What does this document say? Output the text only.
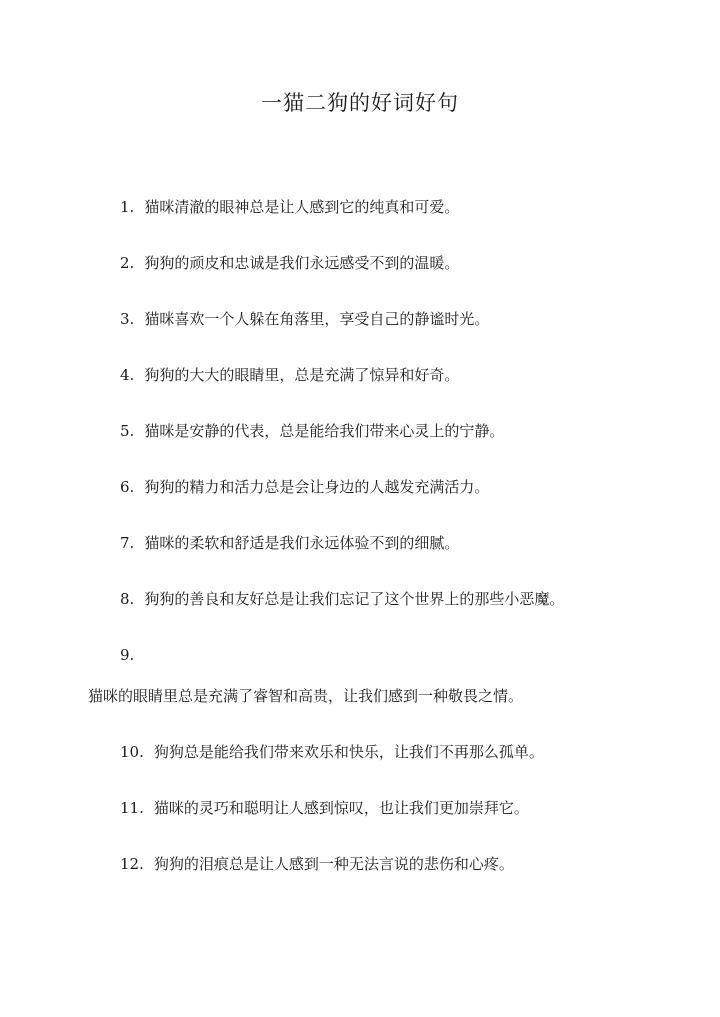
一猫二狗的好词好句
1. 猫咪清澈的眼神总是让人感到它的纯真和可爱。
2. 狗狗的顽皮和忠诚是我们永远感受不到的温暖。
3. 猫咪喜欢一个人躲在角落里，享受自己的静谧时光。
4. 狗狗的大大的眼睛里，总是充满了惊异和好奇。
5. 猫咪是安静的代表，总是能给我们带来心灵上的宁静。
6. 狗狗的精力和活力总是会让身边的人越发充满活力。
7. 猫咪的柔软和舒适是我们永远体验不到的细腻。
8. 狗狗的善良和友好总是让我们忘记了这个世界上的那些小恶魔。
9.
猫咪的眼睛里总是充满了睿智和高贵，让我们感到一种敬畏之情。
10. 狗狗总是能给我们带来欢乐和快乐，让我们不再那么孤单。
11. 猫咪的灵巧和聪明让人感到惊叹，也让我们更加崇拜它。
12. 狗狗的泪痕总是让人感到一种无法言说的悲伤和心疼。
